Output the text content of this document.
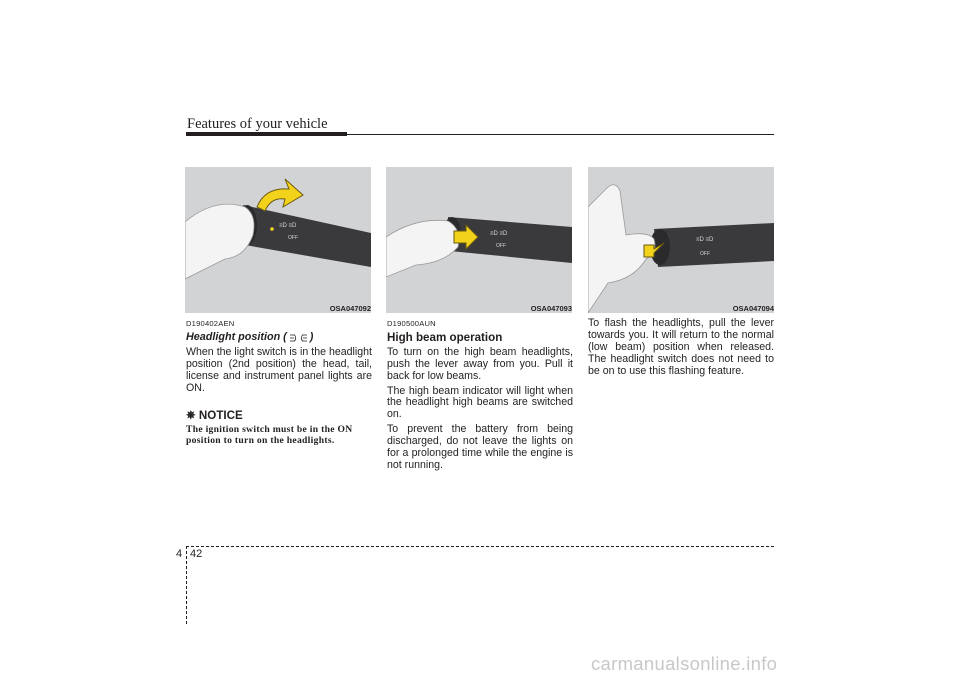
Features of your vehicle
≡D ≡D
OFF
OSA047092
≡D ≡D
OFF
OSA047093
≡D ≡D
OFF
OSA047094
D190402AEN
Headlight position ( )

When the light switch is in the headlight position (2nd position) the head, tail, license and instrument panel lights are ON.

✵ NOTICE
The ignition switch must be in the ON position to turn on the headlights.
D190500AUN
High beam operation

To turn on the high beam headlights, push the lever away from you. Pull it back for low beams.

The high beam indicator will light when the headlight high beams are switched on.

To prevent the battery from being discharged, do not leave the lights on for a prolonged time while the engine is not running.

To flash the headlights, pull the lever towards you. It will return to the normal (low beam) position when released. The headlight switch does not need to be on to use this flashing feature.

4 42
carmanualsonline.info
